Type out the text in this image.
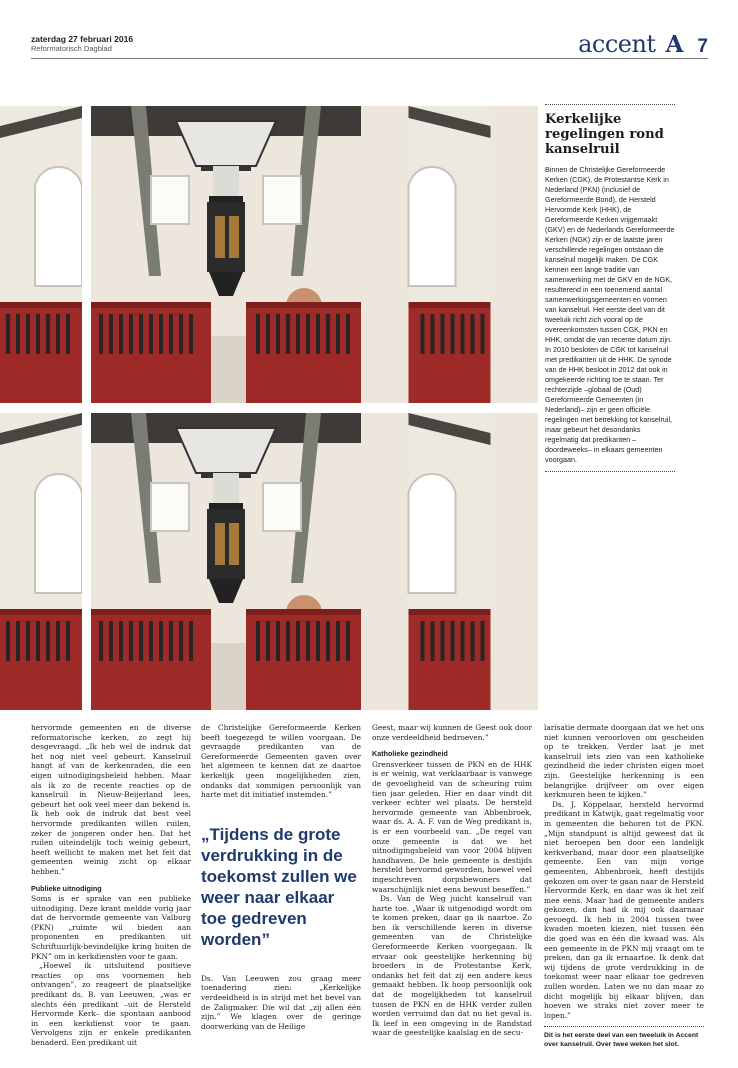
zaterdag 27 februari 2016
Reformatorisch Dagblad	accent A 7
Kerkelijke regelingen rond kanselruil

Binnen de Christelijke Gereformeerde Kerken (CGK), de Protestantse Kerk in Nederland (PKN) (inclusief de Gereformeerde Bond), de Hersteld Hervormde Kerk (HHK), de Gereformeerde Kerken vrijgemaakt (GKV) en de Nederlands Gereformeerde Kerken (NGK) zijn er de laatste jaren verschillende regelingen ontstaan die kanselruil mogelijk maken. De CGK kennen een lange traditie van samenwerking met de GKV en de NGK, resulterend in een toenemend aantal samenwerkingsgemeenten en vormen van kanselruil. Het eerste deel van dit tweeluik richt zich vooral op de overeenkomsten tussen CGK, PKN en HHK, omdat die van recente datum zijn. In 2010 besloten de CGK tot kanselruil met predikanten uit de HHK. De synode van de HHK besloot in 2012 dat ook in omgekeerde richting toe te staan. Ter rechterzijde –globaal de (Oud) Gereformeerde Gemeenten (in Nederland)– zijn er geen officiële regelingen met betrekking tot kanselruil, maar gebeurt het desondanks regelmatig dat predikanten –doordeweeks– in elkaars gemeenten voorgaan.

hervormde gemeenten en de diverse reformatorische kerken, zo zegt hij desgevraagd. „Ik heb wel de indruk dat het nog niet veel gebeurt. Kanselruil hangt af van de kerkenraden, die een eigen uitnodigingsbeleid hebben. Maar als ik zo de recente reacties op de kanselruil in Nieuw-Beijerland lees, gebeurt het ook veel meer dan bekend is. Ik heb ook de indruk dat best veel hervormde predikanten willen ruilen, zeker de jongeren onder hen. Dat het ruilen uiteindelijk toch weinig gebeurt, heeft wellicht te maken met het feit dat gemeenten weinig zicht op elkaar hebben.”

Publieke uitnodiging

Soms is er sprake van een publieke uitnodiging. Deze krant meldde vorig jaar dat de hervormde gemeente van Valburg (PKN) „ruimte wil bieden aan proponenten en predikanten uit Schriftuurlijk-bevindelijke kring buiten de PKN” om in kerkdiensten voor te gaan.

„Hoewel ik uitsluitend positieve reacties op ons voornemen heb ontvangen”, zo reageert de plaatselijke predikant ds. B. van Leeuwen, „was er slechts één predikant –uit de Hersteld Hervormde Kerk– die spontaan aanbood in een kerkdienst voor te gaan. Vervolgens zijn er enkele predikanten benaderd. Een predikant uit

de Christelijke Gereformeerde Kerken beeft toegezegd te willen voorgaan. De gevraagde predikanten van de Gereformeerde Gemeenten gaven over het algemeen te kennen dat ze daartoe kerkelijk geen mogelijkheden zien, ondanks dat sommigen persoonlijk van harte met dit initiatief instemden.”

„Tijdens de grote verdrukking in de toekomst zullen we weer naar elkaar toe gedreven worden”

Ds. Van Leeuwen zou graag meer toenadering zien: „Kerkelijke verdeeldheid is in strijd met het bevel van de Zaligmaker. Die wil dat „zij allen één zijn.” We klagen over de geringe doorwerking van de Heilige

Geest, maar wij kunnen de Geest ook door onze verdeeldheid bedroeven.”

Katholieke gezindheid

Grensverkeer tussen de PKN en de HHK is er weinig, wat verklaarbaar is vanwege de gevoeligheid van de scheuring ruim tien jaar geleden. Hier en daar vindt dit verkeer echter wel plaats. De hersteld hervormde gemeente van Abbenbroek, waar ds. A. A. F. van de Weg predikant is, is er een voorbeeld van. „De regel van onze gemeente is dat we het uitnodigingsbeleid van voor 2004 blijven handhaven. De hele gemeente is destijds hersteld hervormd geworden, hoewel veel ingeschreven dorpsbewoners dat waarschijnlijk niet eens bewust beseffen.”

Ds. Van de Weg juicht kanselruil van harte toe. „Waar ik uitgenodigd wordt om te komen preken, daar ga ik naartoe. Zo ben ik verschillende keren in diverse gemeenten van de Christelijke Gereformeerde Kerken voorgegaan. Ik ervaar ook geestelijke herkenning bij broeders in de Protestantse Kerk, ondanks het feit dat zij een andere keus gemaakt hebben. Ik hoop persoonlijk ook dat de mogelijkheden tot kanselruil tussen de PKN en de HHK verder zullen worden verruimd dan dat nu het geval is. Ik leef in een omgeving in de Randstad waar de geestelijke kaalslag en de secu-

larisatie dermate doorgaan dat we het ons niet kunnen veroorloven om gescheiden op te trekken. Verder laat je met kanselruil iets zien van een katholieke gezindheid die ieder christen eigen moet zijn. Geestelijke herkenning is een belangrijke drijfveer om over eigen kerkmuren heen te kijken.”

Ds. J. Koppelaar, hersteld hervormd predikant in Katwijk, gaat regelmatig voor in gemeenten die behoren tot de PKN. „Mijn standpunt is altijd geweest dat ik niet beroepen ben door een landelijk kerkverband, maar door een plaatselijke gemeente. Een van mijn vorige gemeenten, Abbenbroek, heeft destijds gekozen om over te gaan naar de Hersteld Hervormde Kerk, en daar was ik het zelf mee eens. Maar had de gemeente anders gekozen, dan had ik mij ook daarnaar gevoegd. Ik heb in 2004 tussen twee kwaden moeten kiezen, niet tussen één die goed was en één die kwaad was. Als een gemeente in de PKN mij vraagt om te preken, dan ga ik ernaartoe. Ik denk dat wij tijdens de grote verdrukking in de toekomst weer naar elkaar toe gedreven zullen worden. Laten we nu dan maar zo dicht mogelijk bij elkaar blijven, dan hoeven we straks niet zover meer te lopen.”

Dit is het eerste deel van een tweeluik in Accent over kanselruil. Over twee weken het slot.
